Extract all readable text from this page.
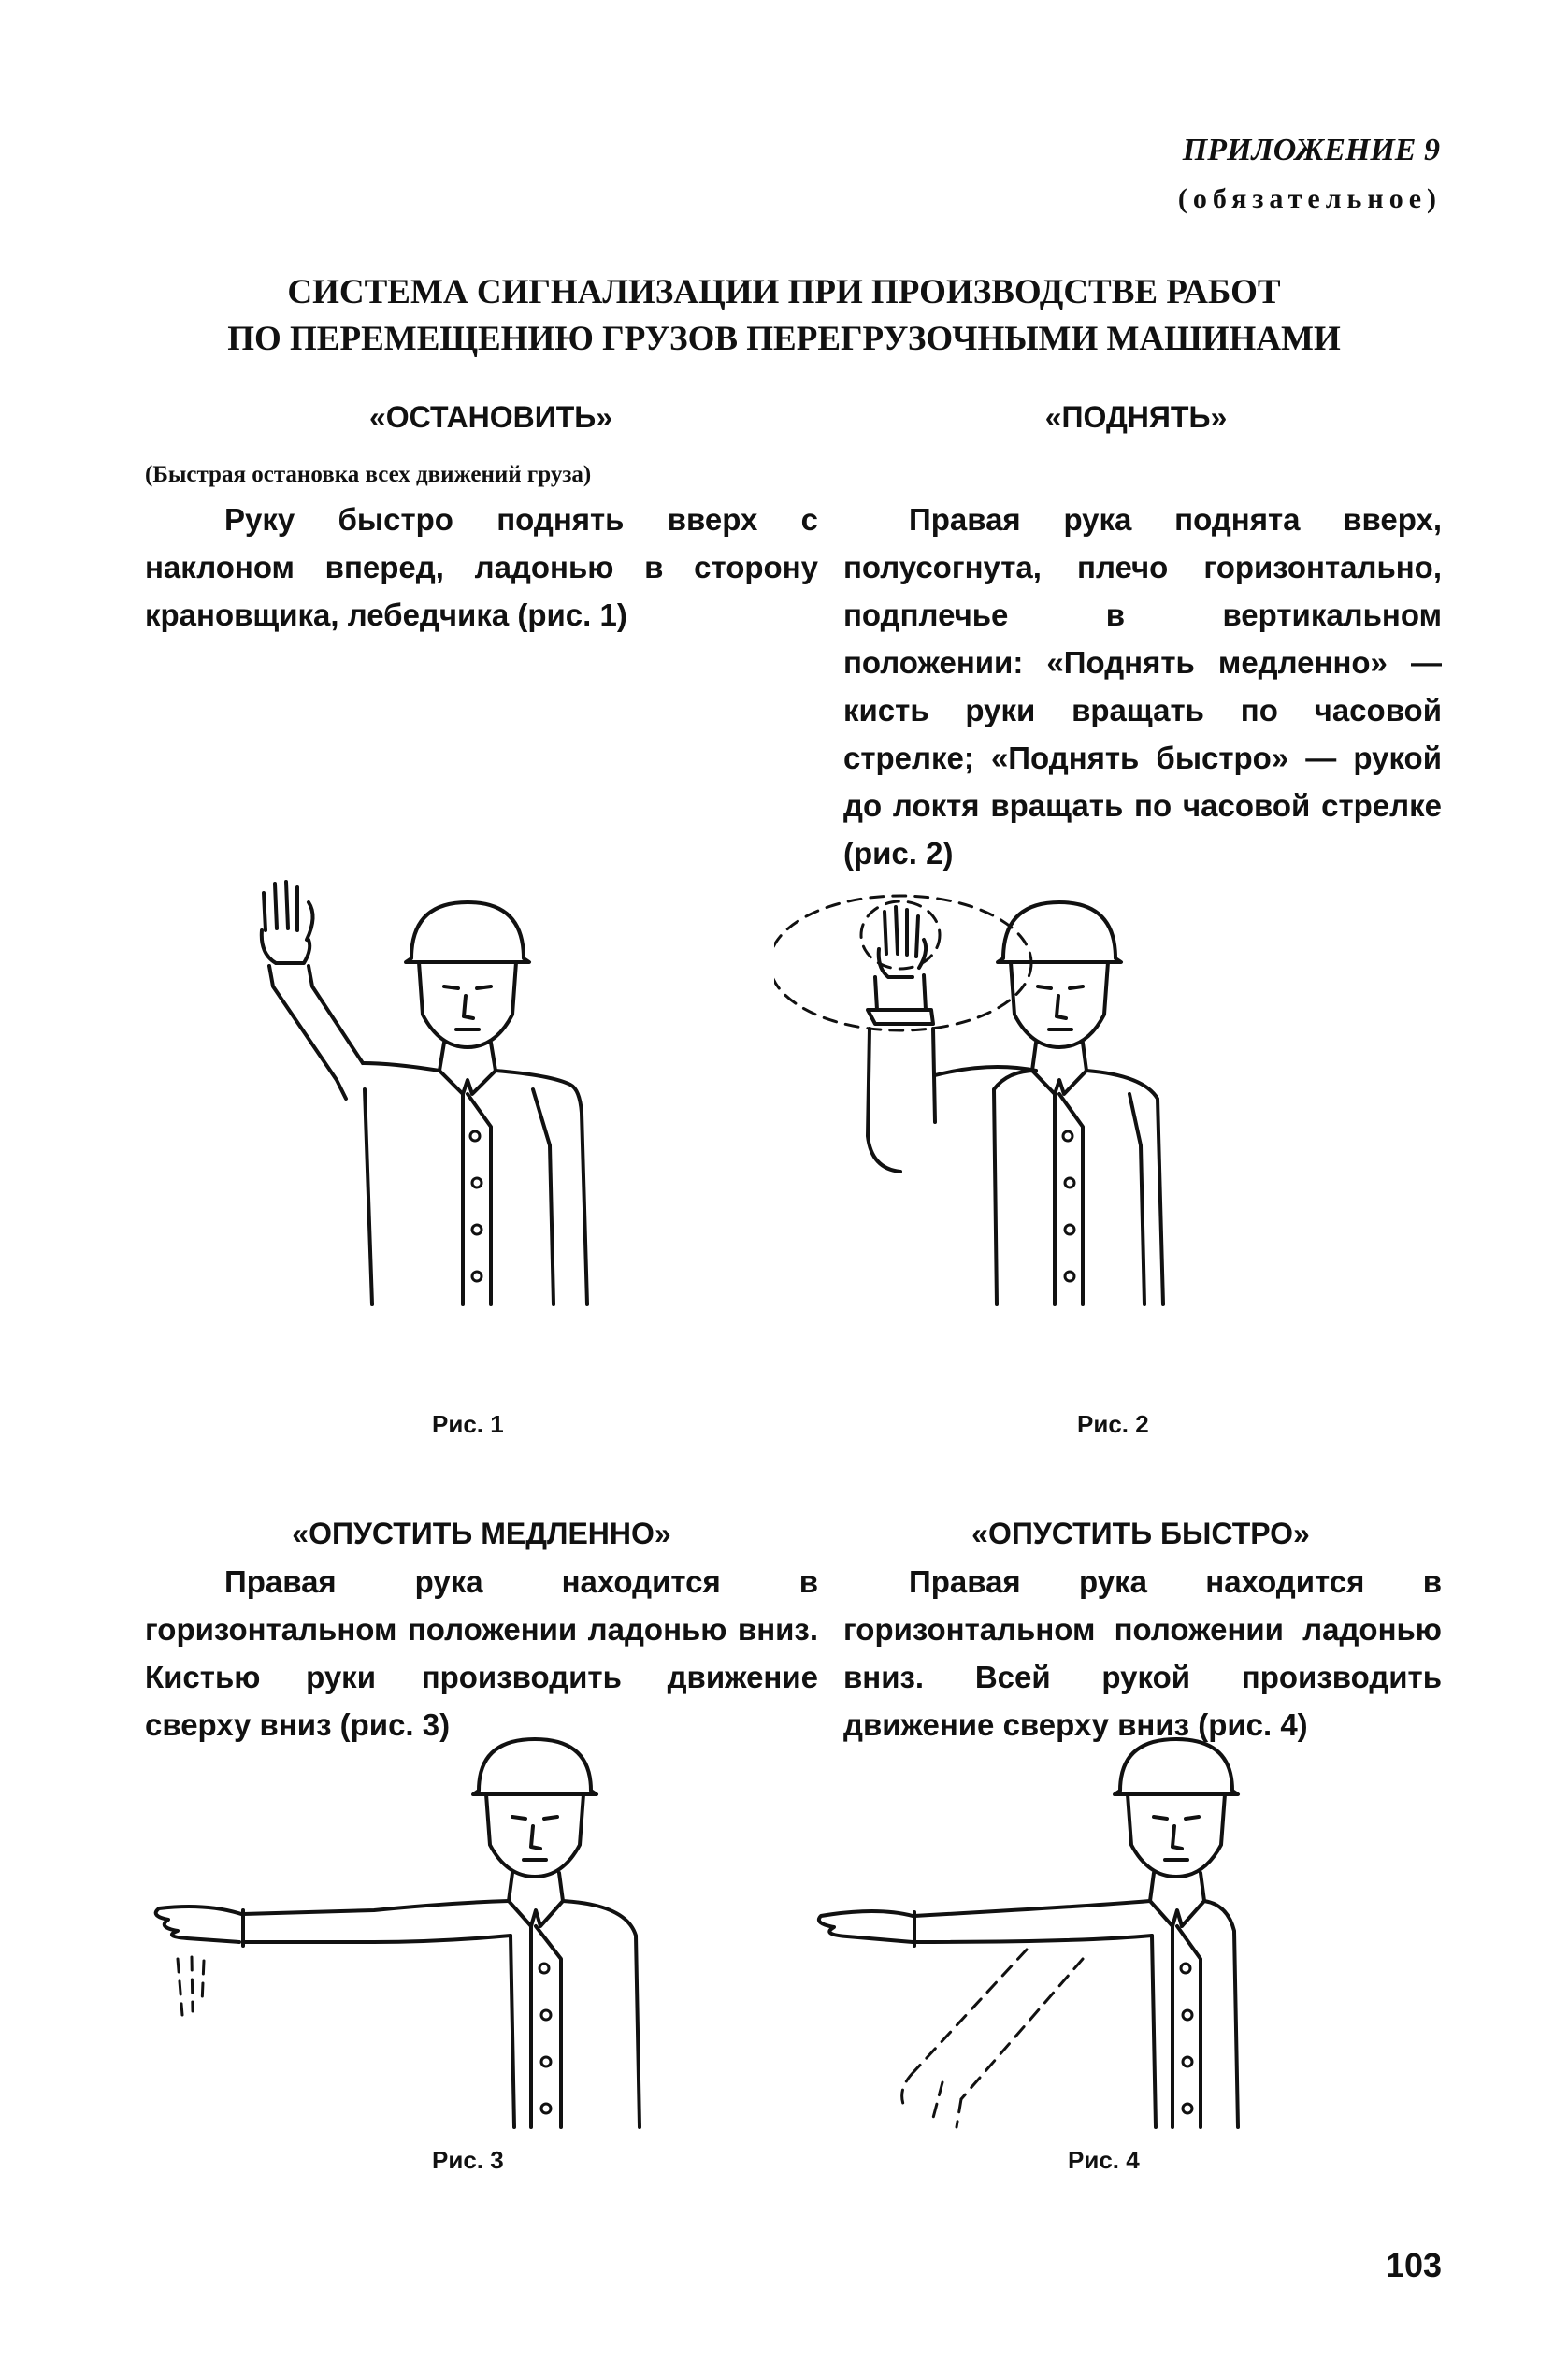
ПРИЛОЖЕНИЕ 9
(обязательное)
СИСТЕМА СИГНАЛИЗАЦИИ ПРИ ПРОИЗВОДСТВЕ РАБОТ
ПО ПЕРЕМЕЩЕНИЮ ГРУЗОВ ПЕРЕГРУЗОЧНЫМИ МАШИНАМИ
«ОСТАНОВИТЬ»
(Быстрая остановка всех движений груза)
Руку быстро поднять вверх с наклоном вперед, ладонью в сторону крановщика, лебедчика (рис. 1)
«ПОДНЯТЬ»
Правая рука поднята вверх, полусогнута, плечо горизонтально, подплечье в вертикальном положении: «Поднять медленно» — кисть руки вращать по часовой стрелке; «Поднять быстро» — рукой до локтя вращать по часовой стрелке (рис. 2)
Рис. 1	Рис. 2
«ОПУСТИТЬ МЕДЛЕННО»
Правая рука находится в горизонтальном положении ладонью вниз. Кистью руки производить движение сверху вниз (рис. 3)
«ОПУСТИТЬ БЫСТРО»
Правая рука находится в горизонтальном положении ладонью вниз. Всей рукой производить движение сверху вниз (рис. 4)
Рис. 3	Рис. 4
103
